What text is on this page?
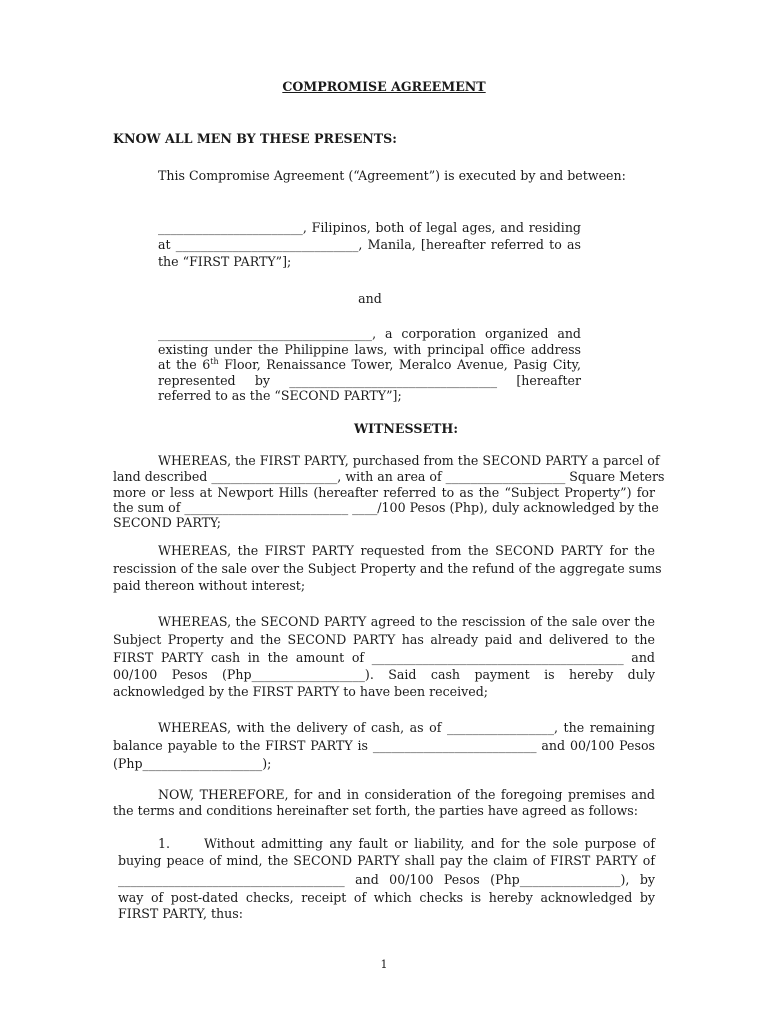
COMPROMISE AGREEMENT
KNOW ALL MEN BY THESE PRESENTS:
This Compromise Agreement (“Agreement”) is executed by and between:
_______________________, Filipinos, both of legal ages, and residing
at _____________________________, Manila, [hereafter referred to as
the “FIRST PARTY”];
and
__________________________________, a corporation organized and
existing under the Philippine laws, with principal office address
at the 6th Floor, Renaissance Tower, Meralco Avenue, Pasig City,
represented by _________________________________ [hereafter
referred to as the “SECOND PARTY”];
WITNESSETH:
WHEREAS, the FIRST PARTY, purchased from the SECOND PARTY a parcel of
land described ____________________, with an area of ___________________ Square Meters
more or less at Newport Hills (hereafter referred to as the “Subject Property”) for
the sum of __________________________ ____/100 Pesos (Php), duly acknowledged by the
SECOND PARTY;
WHEREAS, the FIRST PARTY requested from the SECOND PARTY for the
rescission of the sale over the Subject Property and the refund of the aggregate sums
paid thereon without interest;
WHEREAS, the SECOND PARTY agreed to the rescission of the sale over the
Subject Property and the SECOND PARTY has already paid and delivered to the
FIRST PARTY cash in the amount of ________________________________________ and
00/100 Pesos (Php__________________). Said cash payment is hereby duly
acknowledged by the FIRST PARTY to have been received;
WHEREAS, with the delivery of cash, as of _________________, the remaining
balance payable to the FIRST PARTY is __________________________ and 00/100 Pesos
(Php___________________);
NOW, THEREFORE, for and in consideration of the foregoing premises and
the terms and conditions hereinafter set forth, the parties have agreed as follows:
1.	Without admitting any fault or liability, and for the sole purpose of
buying peace of mind, the SECOND PARTY shall pay the claim of FIRST PARTY of
____________________________________ and 00/100 Pesos (Php________________), by
way of post-dated checks, receipt of which checks is hereby acknowledged by
FIRST PARTY, thus:
1
